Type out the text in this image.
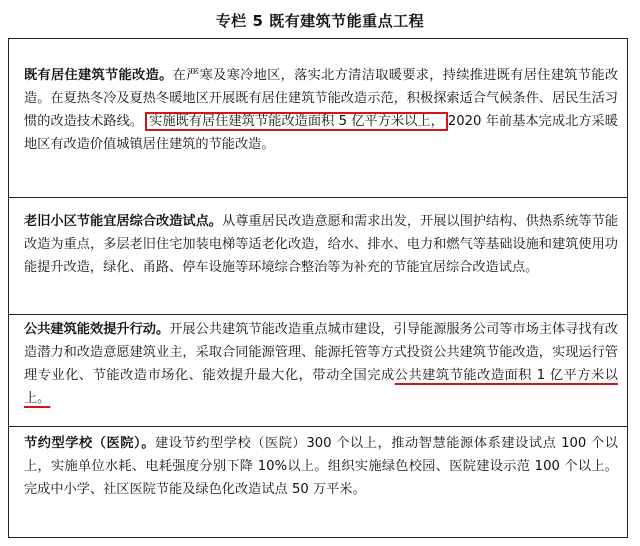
专栏 5 既有建筑节能重点工程
既有居住建筑节能改造。在严寒及寒冷地区，落实北方清洁取暖要求，持续推进既有居住建筑节能改造。在夏热冬冷及夏热冬暖地区开展既有居住建筑节能改造示范，积极探索适合气候条件、居民生活习惯的改造技术路线。 实施既有居住建筑节能改造面积 5 亿平方米以上， 2020 年前基本完成北方采暖地区有改造价值城镇居住建筑的节能改造。
老旧小区节能宜居综合改造试点。从尊重居民改造意愿和需求出发，开展以围护结构、供热系统等节能改造为重点，多层老旧住宅加装电梯等适老化改造，给水、排水、电力和燃气等基础设施和建筑使用功能提升改造，绿化、甬路、停车设施等环境综合整治等为补充的节能宜居综合改造试点。
公共建筑能效提升行动。开展公共建筑节能改造重点城市建设，引导能源服务公司等市场主体寻找有改造潜力和改造意愿建筑业主，采取合同能源管理、能源托管等方式投资公共建筑节能改造，实现运行管理专业化、节能改造市场化、能效提升最大化，带动全国完成公共建筑节能改造面积 1 亿平方米以上。
节约型学校（医院）。建设节约型学校（医院）300 个以上，推动智慧能源体系建设试点 100 个以上，实施单位水耗、电耗强度分别下降 10%以上。组织实施绿色校园、医院建设示范 100 个以上。完成中小学、社区医院节能及绿色化改造试点 50 万平米。
